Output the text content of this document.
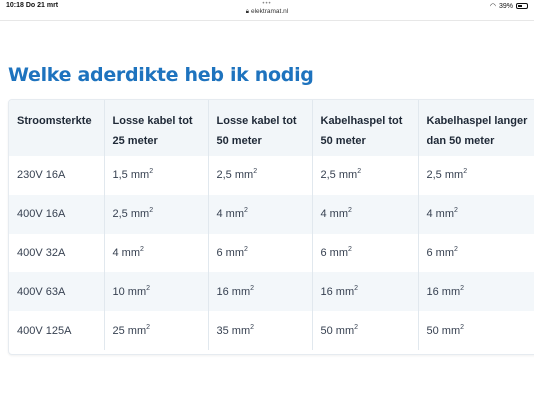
10:18 Do 21 mrt	◠ 39%
•••
🔒︎ elektramat.nl
Welke aderdikte heb ik nodig
Stroomsterkte	Losse kabel tot 25 meter	Losse kabel tot 50 meter	Kabelhaspel tot 50 meter	Kabelhaspel langer dan 50 meter
230V 16A	1,5 $mm^2$	2,5 $mm^2$	2,5 $mm^2$	2,5 $mm^2$
400V 16A	2,5 $mm^2$	4 $mm^2$	4 $mm^2$	4 $mm^2$
400V 32A	4 $mm^2$	6 $mm^2$	6 $mm^2$	6 $mm^2$
400V 63A	10 $mm^2$	16 $mm^2$	16 $mm^2$	16 $mm^2$
400V 125A	25 $mm^2$	35 $mm^2$	50 $mm^2$	50 $mm^2$
